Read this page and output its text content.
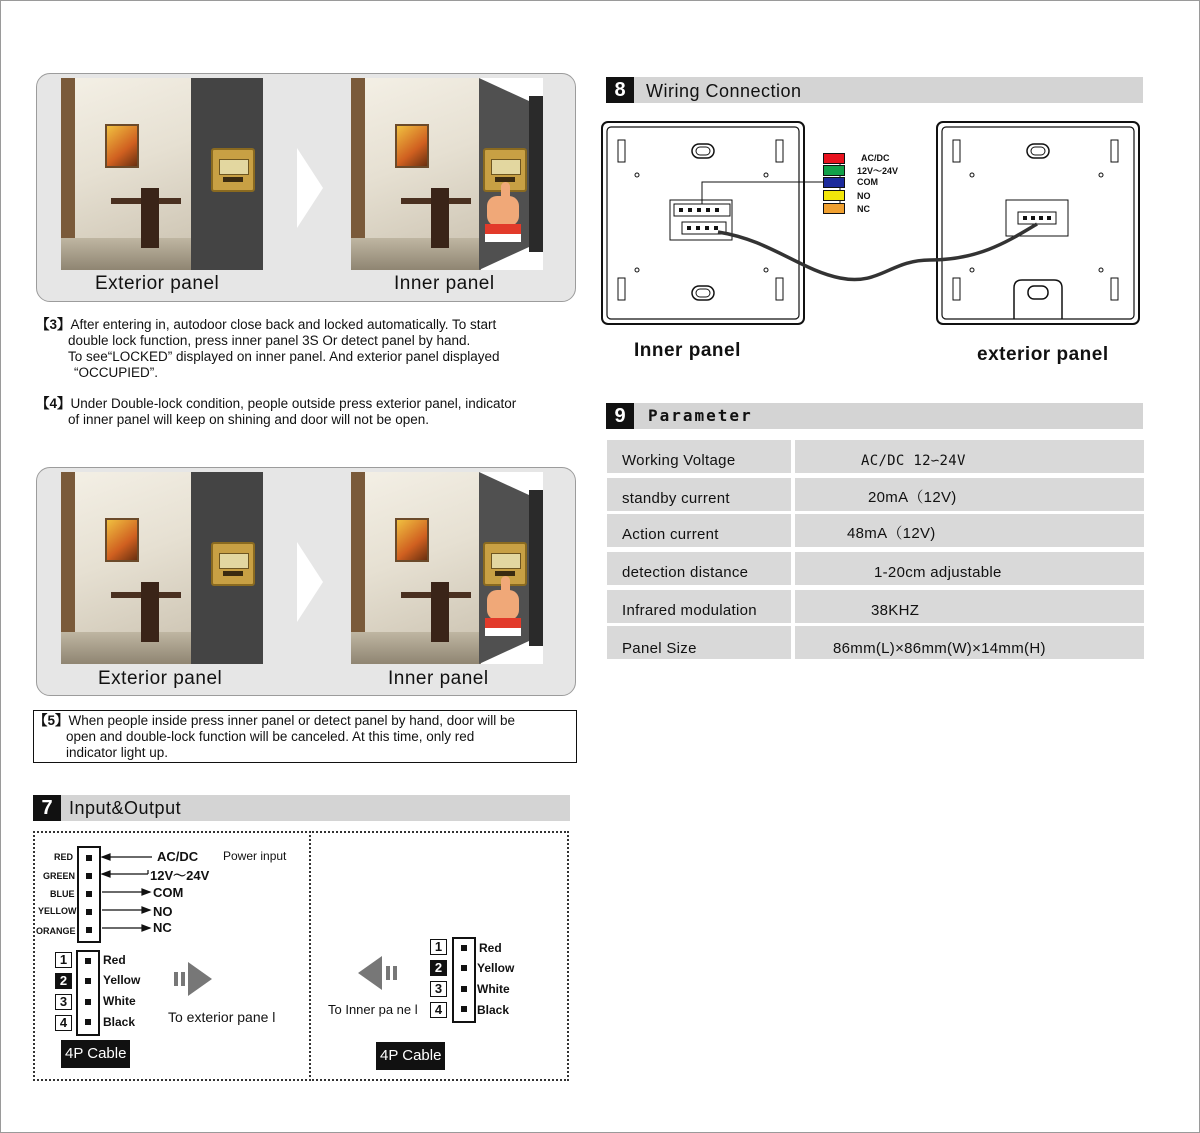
Exterior panel	Inner panel
【3】After entering in, autodoor close back and locked automatically. To start
double lock function, press inner panel 3S Or detect panel by hand.
To see“LOCKED” displayed on inner panel. And exterior panel displayed
“OCCUPIED”.
【4】Under Double-lock condition, people outside press exterior panel, indicator
of inner panel will keep on shining and door will not be open.
Exterior panel	Inner panel
【5】When people inside press inner panel or detect panel by hand, door will be
open and double-lock function will be canceled. At this time, only red
indicator light up.
7 Input&Output
RED
GREEN
BLUE
YELLOW
ORANGE
AC/DC Power input
12V～24V
COM
NO
NC
1
2
3
4
Red
Yellow
White
Black To exterior pane l
4P Cable
1
2
3
4
Red
Yellow
White
Black
To Inner pa ne l
4P Cable
8	Wiring Connection
AC/DC
12V～24V
COM
NO
NC
Inner panel	exterior panel
9	Parameter
Working Voltage	AC/DC 12∽24V
standby current	20mA（12V)
Action current	48mA（12V)
detection distance	1-20cm adjustable
Infrared modulation	38KHZ
Panel Size	86mm(L)×86mm(W)×14mm(H)
